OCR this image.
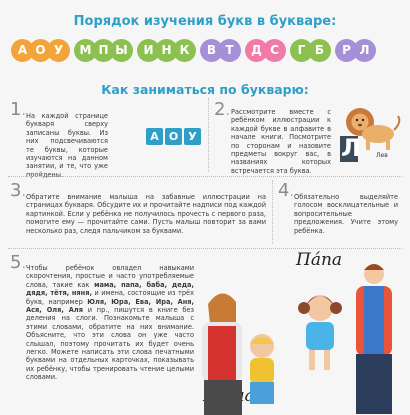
Порядок изучения букв в букваре:
А О У	М П Ы	И Н К	В Т	Д С	Г Б	Р Л
Как заниматься по букварю:
1. На каждой странице букваря сверху записаны буквы. Из них подсвечиваются те буквы, которые изучаются на данном занятии, и те, чтo уже пройдены.
А О У
2. Рассмотрите вместе с ребёнком иллюстрации к каждой букве в алфавите в начале книги. Посмотрите по сторонам и назовите предметы вокруг вас, в названиях которых встречается эта буква.
Л	Лев
3. Обратите внимание малыша на забавные иллюстрации на страницах букваря. Обсудите их и прочитайте надписи под каждой картинкой. Если у ребёнка не получилось прочесть с первого раза, помогите ему — прочитайте сами. Пусть малыш повторит за вами несколько раз, следя пальчиком за буквами.
4. Обязательно выделяйте голосом восклицательные и вопросительные предложения. Учите этому ребёнка.
5. Чтобы ребёнок овладел навыками скорочтения, простые и часто употребляемые слова, такие как мама, папа, баба, деда, дядя, тётя, няня, и имена, состоящие из трёх букв, например Юля, Юра, Ева, Ира, Аня, Ася, Оля, Аля и пр., пишутся в книге без деления на слоги. Познакомьте малыша с этими словами, обратите на них внимание. Объясните, что эти слова он уже часто слышал, поэтому прочитать их будет очень легко. Можете написать эти слова печатными буквами на отдельных карточках, показывать их ребёнку, чтобы тренировать чтение целыми словами.
Па́па
